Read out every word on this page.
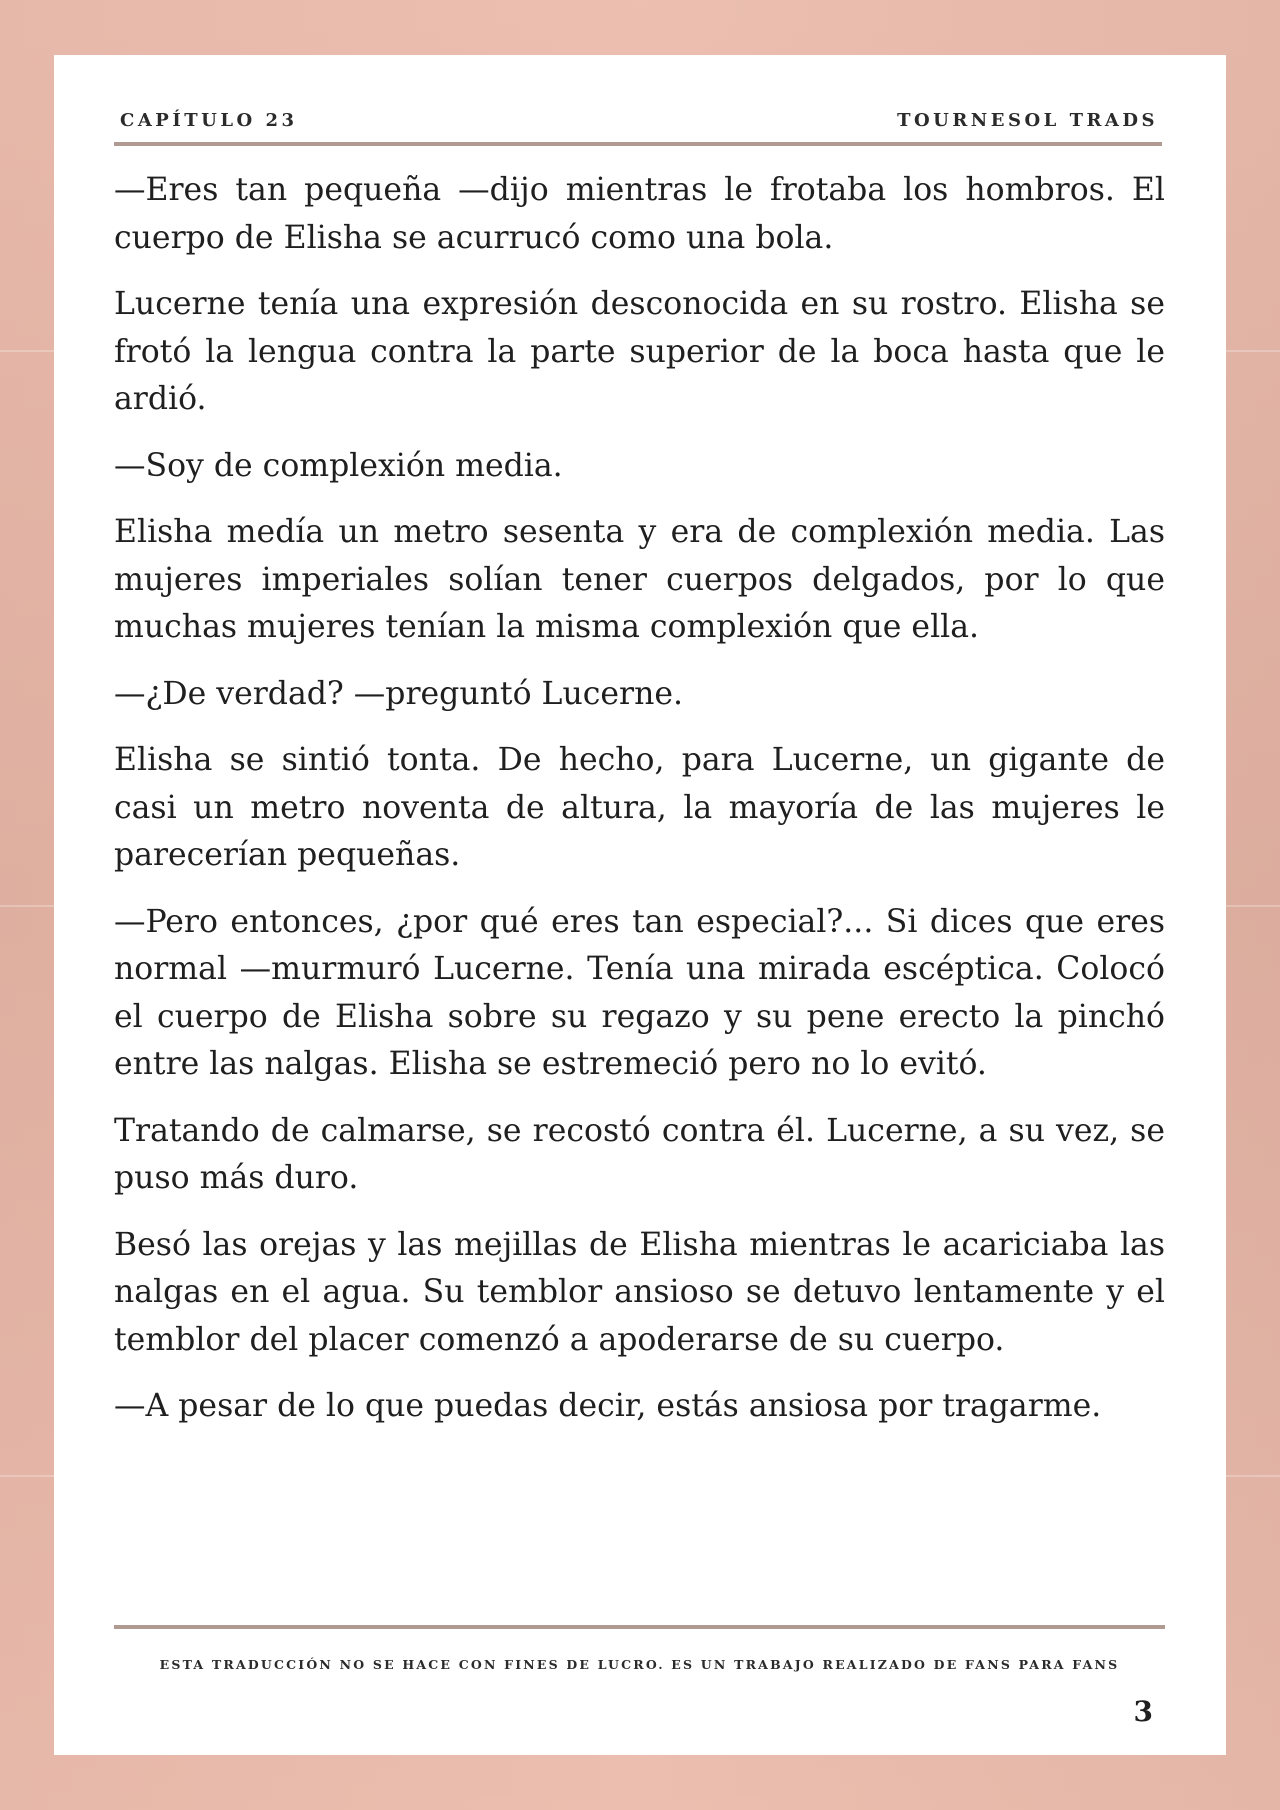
CAPÍTULO 23	TOURNESOL TRADS

—Eres tan pequeña —dijo mientras le frotaba los hombros. El cuerpo de Elisha se acurrucó como una bola.

Lucerne tenía una expresión desconocida en su rostro. Elisha se frotó la lengua contra la parte superior de la boca hasta que le ardió.

—Soy de complexión media.

Elisha medía un metro sesenta y era de complexión media. Las mujeres imperiales solían tener cuerpos delgados, por lo que muchas mujeres tenían la misma complexión que ella.

—¿De verdad? —preguntó Lucerne.

Elisha se sintió tonta. De hecho, para Lucerne, un gigante de casi un metro noventa de altura, la mayoría de las mujeres le parecerían pequeñas.

—Pero entonces, ¿por qué eres tan especial?... Si dices que eres normal —murmuró Lucerne. Tenía una mirada escéptica. Colocó el cuerpo de Elisha sobre su regazo y su pene erecto la pinchó entre las nalgas. Elisha se estremeció pero no lo evitó.

Tratando de calmarse, se recostó contra él. Lucerne, a su vez, se puso más duro.

Besó las orejas y las mejillas de Elisha mientras le acariciaba las nalgas en el agua. Su temblor ansioso se detuvo lentamente y el temblor del placer comenzó a apoderarse de su cuerpo.

—A pesar de lo que puedas decir, estás ansiosa por tragarme.

ESTA TRADUCCIÓN NO SE HACE CON FINES DE LUCRO. ES UN TRABAJO REALIZADO DE FANS PARA FANS
3
